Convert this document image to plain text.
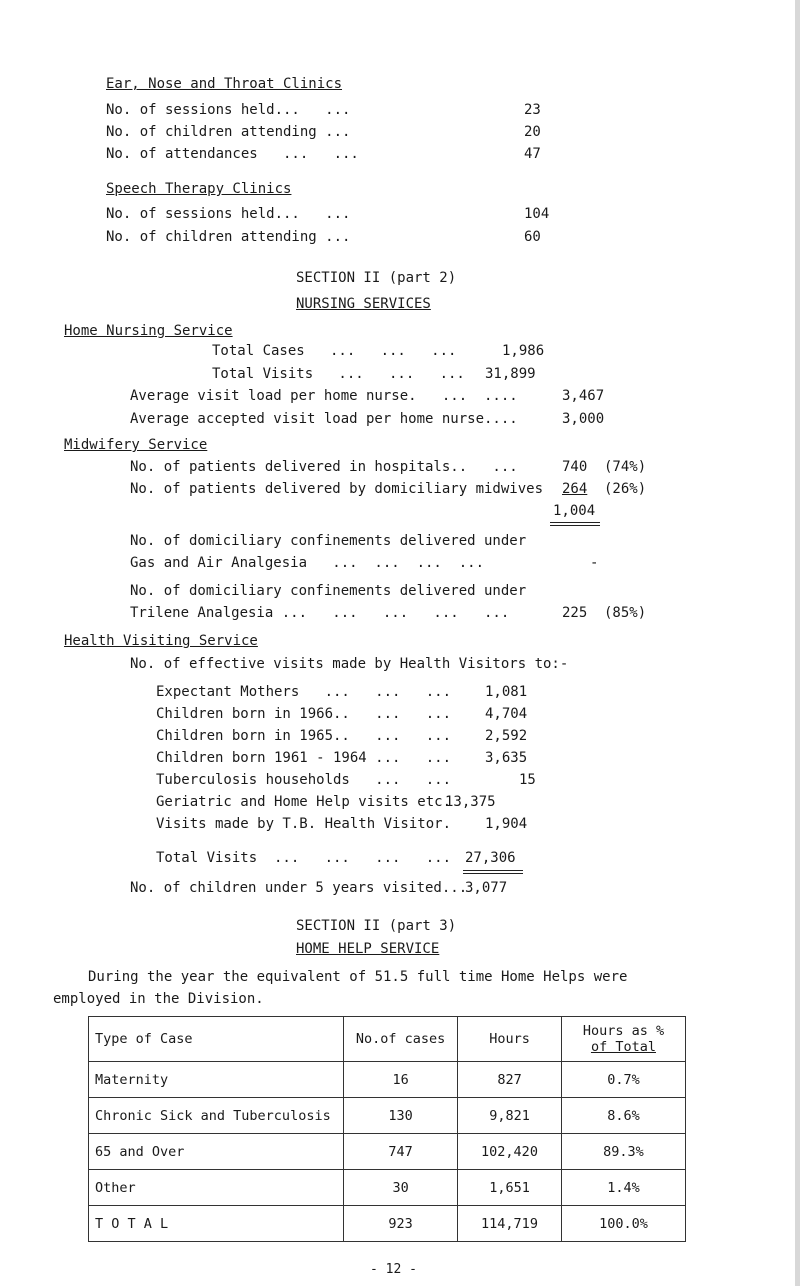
Ear, Nose and Throat Clinics
No. of sessions held...   ...	23
No. of children attending ...	20
No. of attendances   ...   ...	47
Speech Therapy Clinics
No. of sessions held...   ...	104
No. of children attending ...	60
SECTION II (part 2)
NURSING SERVICES
Home Nursing Service
Total Cases   ...   ...   ...	1,986
Total Visits   ...   ...   ... 31,899
Average visit load per home nurse.   ...  ....	3,467
Average accepted visit load per home nurse....	3,000
Midwifery Service
No. of patients delivered in hospitals..   ...	740 (74%)
No. of patients delivered by domiciliary midwives 264 (26%)
1,004
No. of domiciliary confinements delivered under
Gas and Air Analgesia   ...  ...  ...  ...	-
No. of domiciliary confinements delivered under
Trilene Analgesia ...   ...   ...   ...   ...	225 (85%)
Health Visiting Service
No. of effective visits made by Health Visitors to:-
Expectant Mothers   ...   ...   ... 1,081
Children born in 1966..   ...   ... 4,704
Children born in 1965..   ...   ... 2,592
Children born 1961 - 1964 ...   ... 3,635
Tuberculosis households   ...   ...	15
Geriatric and Home Help visits etc.
13,375
Visits made by T.B. Health Visitor. 1,904
Total Visits  ...   ...   ...   ... 27,306
No. of children under 5 years visited...
3,077
SECTION II (part 3)
HOME HELP SERVICE
During the year the equivalent of 51.5 full time Home Helps were
employed in the Division.
Type of Case	No.of cases	Hours	Hours as %
of Total

Maternity	16	827	0.7%
Chronic Sick and Tuberculosis	130	9,821	8.6%
65 and Over	747	102,420	89.3%
Other	30	1,651	1.4%
T O T A L	923	114,719	100.0%
- 12 -
